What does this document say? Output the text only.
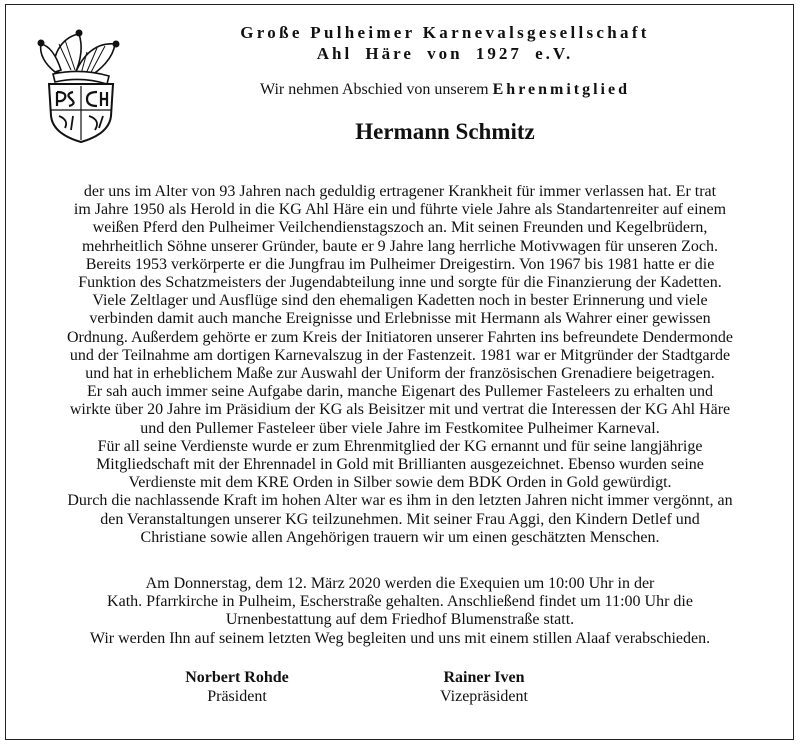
Große Pulheimer Karnevalsgesellschaft
Ahl Häre von 1927 e.V.
Wir nehmen Abschied von unserem Ehrenmitglied
Hermann Schmitz
der uns im Alter von 93 Jahren nach geduldig ertragener Krankheit für immer verlassen hat. Er trat
im Jahre 1950 als Herold in die KG Ahl Häre ein und führte viele Jahre als Standartenreiter auf einem
weißen Pferd den Pulheimer Veilchendienstagszoch an. Mit seinen Freunden und Kegelbrüdern,
mehrheitlich Söhne unserer Gründer, baute er 9 Jahre lang herrliche Motivwagen für unseren Zoch.
Bereits 1953 verkörperte er die Jungfrau im Pulheimer Dreigestirn. Von 1967 bis 1981 hatte er die
Funktion des Schatzmeisters der Jugendabteilung inne und sorgte für die Finanzierung der Kadetten.
Viele Zeltlager und Ausflüge sind den ehemaligen Kadetten noch in bester Erinnerung und viele
verbinden damit auch manche Ereignisse und Erlebnisse mit Hermann als Wahrer einer gewissen
Ordnung. Außerdem gehörte er zum Kreis der Initiatoren unserer Fahrten ins befreundete Dendermonde
und der Teilnahme am dortigen Karnevalszug in der Fastenzeit. 1981 war er Mitgründer der Stadtgarde
und hat in erheblichem Maße zur Auswahl der Uniform der französischen Grenadiere beigetragen.
Er sah auch immer seine Aufgabe darin, manche Eigenart des Pullemer Fasteleers zu erhalten und
wirkte über 20 Jahre im Präsidium der KG als Beisitzer mit und vertrat die Interessen der KG Ahl Häre
und den Pullemer Fasteleer über viele Jahre im Festkomitee Pulheimer Karneval.
Für all seine Verdienste wurde er zum Ehrenmitglied der KG ernannt und für seine langjährige
Mitgliedschaft mit der Ehrennadel in Gold mit Brillianten ausgezeichnet. Ebenso wurden seine
Verdienste mit dem KRE Orden in Silber sowie dem BDK Orden in Gold gewürdigt.
Durch die nachlassende Kraft im hohen Alter war es ihm in den letzten Jahren nicht immer vergönnt, an
den Veranstaltungen unserer KG teilzunehmen. Mit seiner Frau Aggi, den Kindern Detlef und
Christiane sowie allen Angehörigen trauern wir um einen geschätzten Menschen.
Am Donnerstag, dem 12. März 2020 werden die Exequien um 10:00 Uhr in der
Kath. Pfarrkirche in Pulheim, Escherstraße gehalten. Anschließend findet um 11:00 Uhr die
Urnenbestattung auf dem Friedhof Blumenstraße statt.
Wir werden Ihn auf seinem letzten Weg begleiten und uns mit einem stillen Alaaf verabschieden.
Norbert Rohde
Präsident
Rainer Iven
Vizepräsident
